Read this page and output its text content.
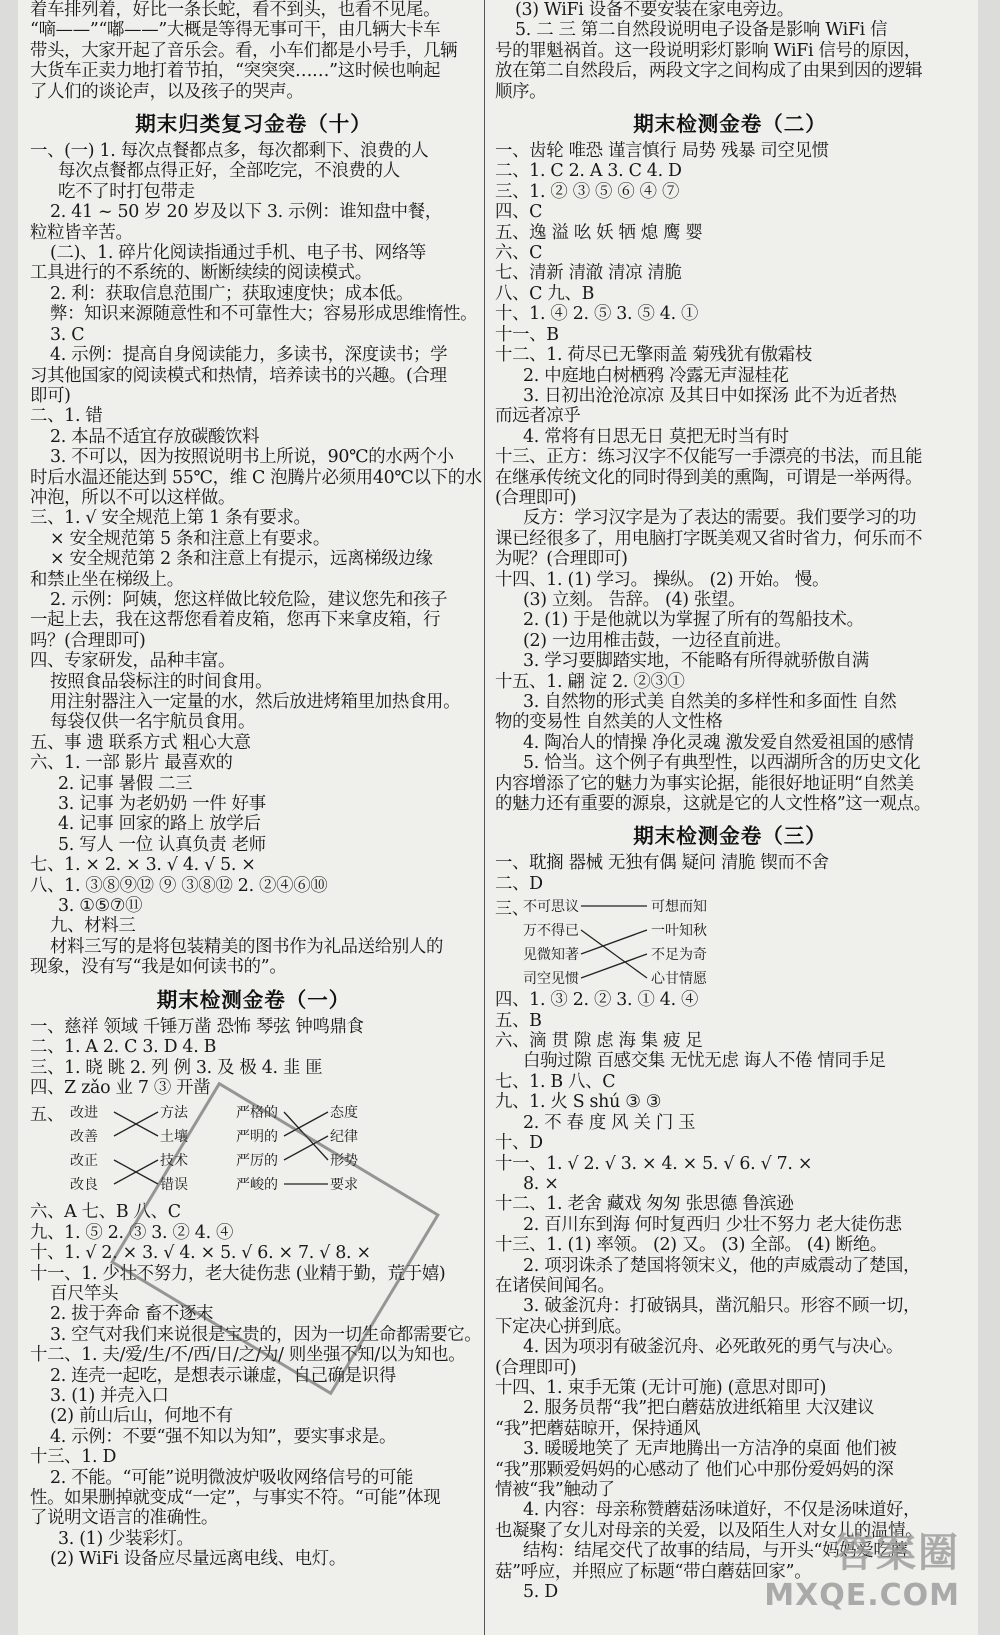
着车排列着，好比一条长蛇，看不到头，也看不见尾。
“嘀——”“嘟——”大概是等得无事可干，由几辆大卡车
带头，大家开起了音乐会。看，小车们都是小号手，几辆
大货车正卖力地打着节拍，“突突突……”这时候也响起
了人们的谈论声，以及孩子的哭声。
期末归类复习金卷（十）
一、(一) 1. 每次点餐都点多，每次都剩下、浪费的人
每次点餐都点得正好，全部吃完，不浪费的人
吃不了时打包带走
2. 41 ~ 50 岁 20 岁及以下 3. 示例：谁知盘中餐，
粒粒皆辛苦。
(二)、1. 碎片化阅读指通过手机、电子书、网络等
工具进行的不系统的、断断续续的阅读模式。
2. 利：获取信息范围广；获取速度快；成本低。
弊：知识来源随意性和不可靠性大；容易形成思维惰性。
3. C
4. 示例：提高自身阅读能力，多读书，深度读书；学
习其他国家的阅读模式和热情，培养读书的兴趣。(合理
即可)
二、1. 错
2. 本品不适宜存放碳酸饮料
3. 不可以，因为按照说明书上所说，90℃的水两个小
时后水温还能达到 55℃，维 C 泡腾片必须用40℃以下的水
冲泡，所以不可以这样做。
三、1. √ 安全规范上第 1 条有要求。
× 安全规范第 5 条和注意上有要求。
× 安全规范第 2 条和注意上有提示，远离梯级边缘
和禁止坐在梯级上。
2. 示例：阿姨，您这样做比较危险，建议您先和孩子
一起上去，我在这帮您看着皮箱，您再下来拿皮箱，行
吗？(合理即可)
四、专家研发，品种丰富。
按照食品袋标注的时间食用。
用注射器注入一定量的水，然后放进烤箱里加热食用。
每袋仅供一名宇航员食用。
五、事 遗 联系方式 粗心大意
六、1. 一部 影片 最喜欢的
2. 记事 暑假 二三
3. 记事 为老奶奶 一件 好事
4. 记事 回家的路上 放学后
5. 写人 一位 认真负责 老师
七、1. × 2. × 3. √ 4. √ 5. ×
八、1. ③⑧⑨⑫ ⑨ ③⑧⑫ 2. ②④⑥⑩
3. ①⑤⑦⑪
九、材料三
材料三写的是将包装精美的图书作为礼品送给别人的
现象，没有写“我是如何读书的”。
期末检测金卷（一）
一、慈祥 领域 千锤万凿 恐怖 琴弦 钟鸣鼎食
二、1. A 2. C 3. D 4. B
三、1. 晓 眺 2. 列 例 3. 及 极 4. 韭 匪
四、Z zǎo 业 7 ③ 开凿
五、 改进	方法	严格的	态度
改善	土壤	严明的	纪律
改正	技术	严厉的	形势
改良	错误	严峻的	要求
六、A 七、B 八、C
九、1. ⑤ 2. ③ 3. ② 4. ④
十、1. √ 2. × 3. √ 4. × 5. √ 6. × 7. √ 8. ×
十一、1. 少壮不努力，老大徒伤悲 (业精于勤，荒于嬉)
百尺竿头
2. 拔于奔命 畜不逐末
3. 空气对我们来说很是宝贵的，因为一切生命都需要它。
十二、1. 夫/爱/生/不/西/日/之/为/ 则坐强不知/以为知也。
2. 连壳一起吃，是想表示谦虚，自己确是识得
3. (1) 并壳入口
(2) 前山后山，何地不有
4. 示例：不要“强不知以为知”，要实事求是。
十三、1. D
2. 不能。“可能”说明微波炉吸收网络信号的可能
性。如果删掉就变成“一定”，与事实不符。“可能”体现
了说明文语言的准确性。
3. (1) 少装彩灯。
(2) WiFi 设备应尽量远离电线、电灯。
(3) WiFi 设备不要安装在家电旁边。
5. 二 三 第二自然段说明电子设备是影响 WiFi 信
号的罪魁祸首。这一段说明彩灯影响 WiFi 信号的原因，
放在第二自然段后，两段文字之间构成了由果到因的逻辑
顺序。
期末检测金卷（二）
一、齿轮 唯恐 谨言慎行 局势 残暴 司空见惯
二、1. C 2. A 3. C 4. D
三、1. ② ③ ⑤ ⑥ ④ ⑦
四、C
五、逸 溢 吆 妖 牺 熄 鹰 婴
六、C
七、清新 清澈 清凉 清脆
八、C 九、B
十、1. ④ 2. ⑤ 3. ⑤ 4. ①
十一、B
十二、1. 荷尽已无擎雨盖 菊残犹有傲霜枝
2. 中庭地白树栖鸦 冷露无声湿桂花
3. 日初出沧沧凉凉 及其日中如探汤 此不为近者热
而远者凉乎
4. 常将有日思无日 莫把无时当有时
十三、正方：练习汉字不仅能写一手漂亮的书法，而且能
在继承传统文化的同时得到美的熏陶，可谓是一举两得。
(合理即可)
反方：学习汉字是为了表达的需要。我们要学习的功
课已经很多了，用电脑打字既美观又省时省力，何乐而不
为呢？(合理即可)
十四、1. (1) 学习。 操纵。 (2) 开始。 慢。
(3) 立刻。 告辞。 (4) 张望。
2. (1) 于是他就以为掌握了所有的驾船技术。
(2) 一边用椎击鼓，一边径直前进。
3. 学习要脚踏实地，不能略有所得就骄傲自满
十五、1. 翩 淀 2. ②③①
3. 自然物的形式美 自然美的多样性和多面性 自然
物的变易性 自然美的人文性格
4. 陶冶人的情操 净化灵魂 激发爱自然爱祖国的感情
5. 恰当。这个例子有典型性，以西湖所含的历史文化
内容增添了它的魅力为事实论据，能很好地证明“自然美
的魅力还有重要的源泉，这就是它的人文性格”这一观点。
期末检测金卷（三）
一、耽搁 器械 无独有偶 疑问 清脆 锲而不舍
二、D
三、
不可思议	可想而知
万不得已	一叶知秋
见微知著	不足为奇
司空见惯	心甘情愿
四、1. ③ 2. ② 3. ① 4. ④
五、B
六、滴 贯 隙 虑 海 集 疲 足
白驹过隙 百感交集 无忧无虑 诲人不倦 情同手足
七、1. B 八、C
九、1. 火 S shú ③ ③
2. 不 春 度 风 关 门 玉
十、D
十一、1. √ 2. √ 3. × 4. × 5. √ 6. √ 7. ×
8. ×
十二、1. 老舍 藏戏 匆匆 张思德 鲁滨逊
2. 百川东到海 何时复西归 少壮不努力 老大徒伤悲
十三、1. (1) 率领。 (2) 又。 (3) 全部。 (4) 断绝。
2. 项羽诛杀了楚国将领宋义，他的声威震动了楚国，
在诸侯间闻名。
3. 破釜沉舟：打破锅具，凿沉船只。形容不顾一切，
下定决心拼到底。
4. 因为项羽有破釜沉舟、必死敢死的勇气与决心。
(合理即可)
十四、1. 束手无策 (无计可施) (意思对即可)
2. 服务员帮“我”把白蘑菇放进纸箱里 大汉建议
“我”把蘑菇晾开，保持通风
3. 暖暖地笑了 无声地腾出一方洁净的桌面 他们被
“我”那颗爱妈妈的心感动了 他们心中那份爱妈妈的深
情被“我”触动了
4. 内容：母亲称赞蘑菇汤味道好，不仅是汤味道好，
也凝聚了女儿对母亲的关爱，以及陌生人对女儿的温情。
结构：结尾交代了故事的结局，与开头“妈妈爱吃蘑
菇”呼应，并照应了标题“带白蘑菇回家”。
5. D
答案圈
MXQE.COM
